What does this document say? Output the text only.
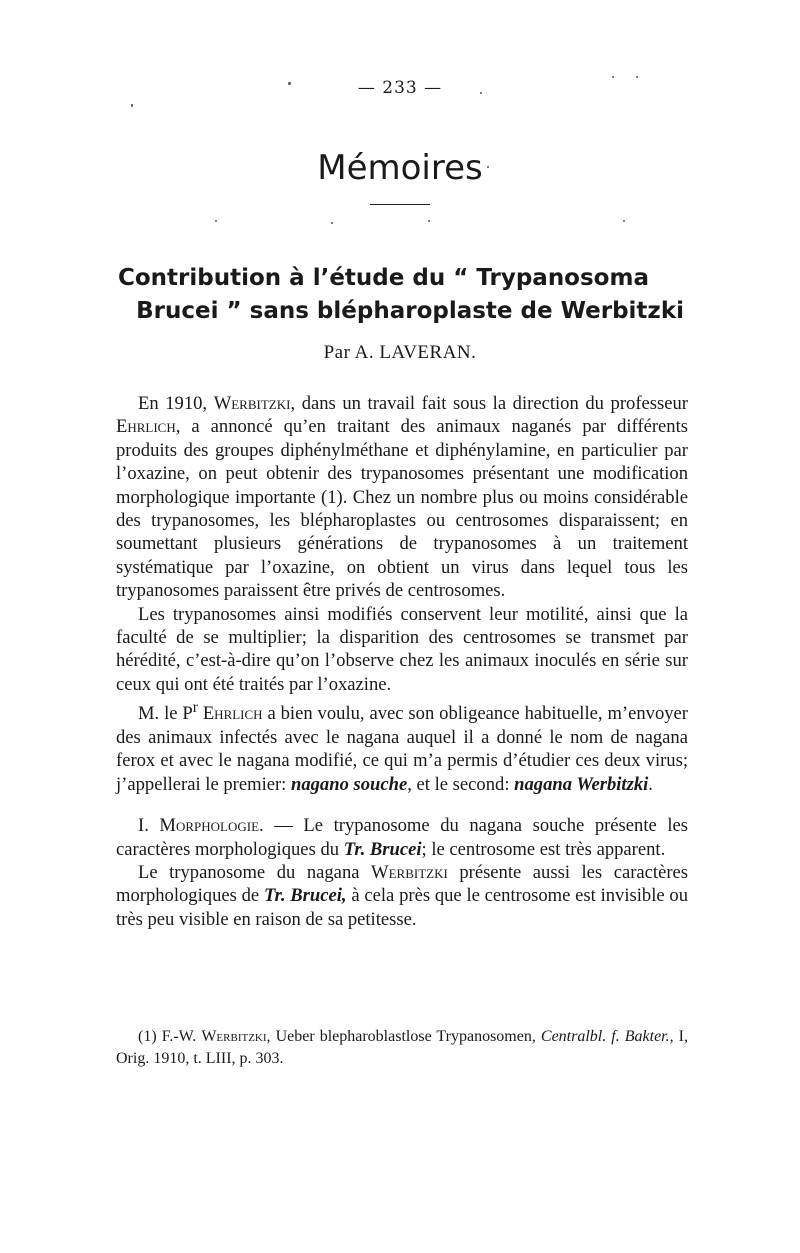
— 233 —
Mémoires
Contribution à l’étude du “ Trypanosoma
Brucei ” sans blépharoplaste de Werbitzki
Par A. LAVERAN.

En 1910, Werbitzki, dans un travail fait sous la direction du professeur Ehrlich, a annoncé qu’en traitant des animaux naganés par différents produits des groupes diphénylméthane et diphénylamine, en particulier par l’oxazine, on peut obtenir des trypanosomes présentant une modification morphologique importante (1). Chez un nombre plus ou moins considérable des trypanosomes, les blépharoplastes ou centrosomes disparaissent; en soumettant plusieurs générations de trypanosomes à un traitement systématique par l’oxazine, on obtient un virus dans lequel tous les trypanosomes paraissent être privés de centrosomes.

Les trypanosomes ainsi modifiés conservent leur motilité, ainsi que la faculté de se multiplier; la disparition des centrosomes se transmet par hérédité, c’est-à-dire qu’on l’observe chez les animaux inoculés en série sur ceux qui ont été traités par l’oxazine.

M. le $P^r$ Ehrlich a bien voulu, avec son obligeance habituelle, m’envoyer des animaux infectés avec le nagana auquel il a donné le nom de nagana ferox et avec le nagana modifié, ce qui m’a permis d’étudier ces deux virus; j’appellerai le premier: nagano souche, et le second: nagana Werbitzki.

I. Morphologie. — Le trypanosome du nagana souche présente les caractères morphologiques du Tr. Brucei; le centrosome est très apparent.

Le trypanosome du nagana Werbitzki présente aussi les caractères morphologiques de Tr. Brucei, à cela près que le centrosome est invisible ou très peu visible en raison de sa petitesse.

(1) F.-W. Werbitzki, Ueber blepharoblastlose Trypanosomen, Centralbl. f. Bakter., I, Orig. 1910, t. LIII, p. 303.
